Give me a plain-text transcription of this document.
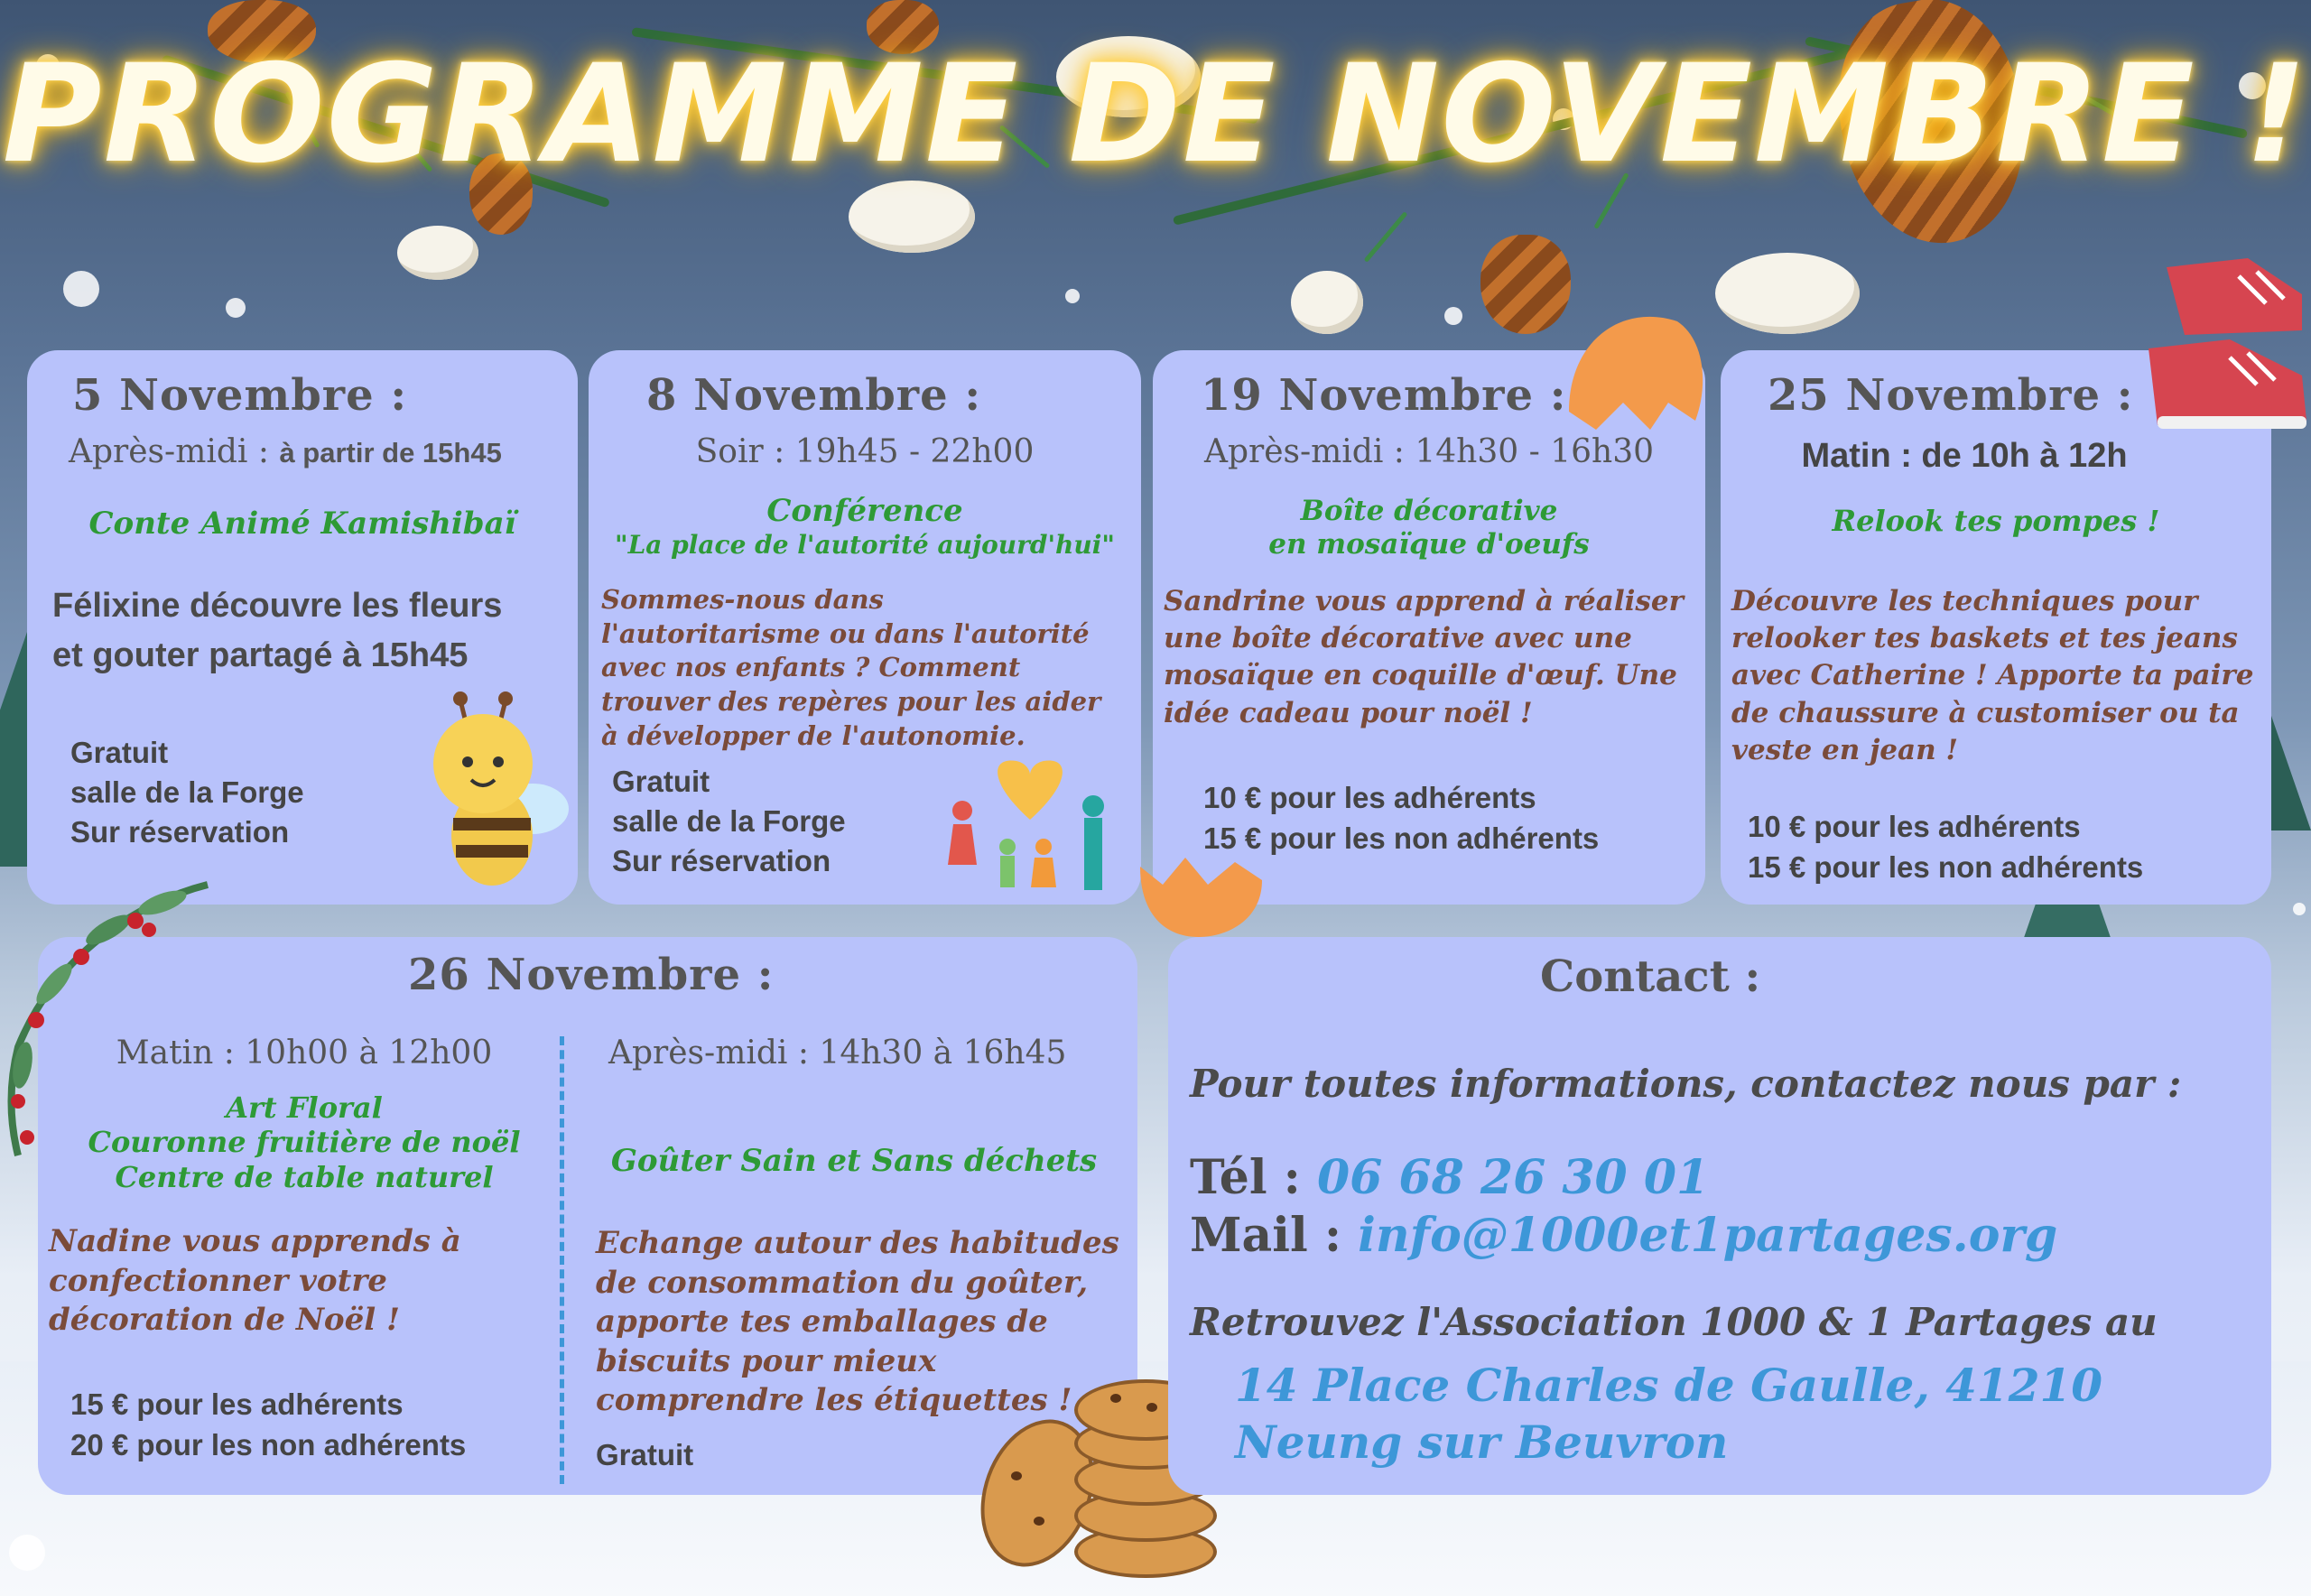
PROGRAMME DE NOVEMBRE !
5 Novembre :
Après-midi : à partir de 15h45
Conte Animé Kamishibaï
Félixine découvre les fleurs
et gouter partagé à 15h45
Gratuit
salle de la Forge
Sur réservation
8 Novembre :
Soir : 19h45 - 22h00
Conférence
"La place de l'autorité aujourd'hui"
Sommes-nous dans
l'autoritarisme ou dans l'autorité
avec nos enfants ? Comment
trouver des repères pour les aider
à développer de l'autonomie.
Gratuit
salle de la Forge
Sur réservation
19 Novembre :
Après-midi : 14h30 - 16h30
Boîte décorative
en mosaïque d'oeufs
Sandrine vous apprend à réaliser
une boîte décorative avec une
mosaïque en coquille d'œuf. Une
idée cadeau pour noël !
10 € pour les adhérents
15 € pour les non adhérents
25 Novembre :
Matin : de 10h à 12h
Relook tes pompes !
Découvre les techniques pour
relooker tes baskets et tes jeans
avec Catherine ! Apporte ta paire
de chaussure à customiser ou ta
veste en jean !
10 € pour les adhérents
15 € pour les non adhérents
26 Novembre :
Matin : 10h00 à 12h00
Art Floral
Couronne fruitière de noël
Centre de table naturel
Nadine vous apprends à
confectionner votre
décoration de Noël !
15 € pour les adhérents
20 € pour les non adhérents
Après-midi : 14h30 à 16h45
Goûter Sain et Sans déchets
Echange autour des habitudes
de consommation du goûter,
apporte tes emballages de
biscuits pour mieux
comprendre les étiquettes !
Gratuit
Contact :
Pour toutes informations, contactez nous par :
Tél : 06 68 26 30 01
Mail : info@1000et1partages.org
Retrouvez l'Association 1000 & 1 Partages au
14 Place Charles de Gaulle, 41210
Neung sur Beuvron
